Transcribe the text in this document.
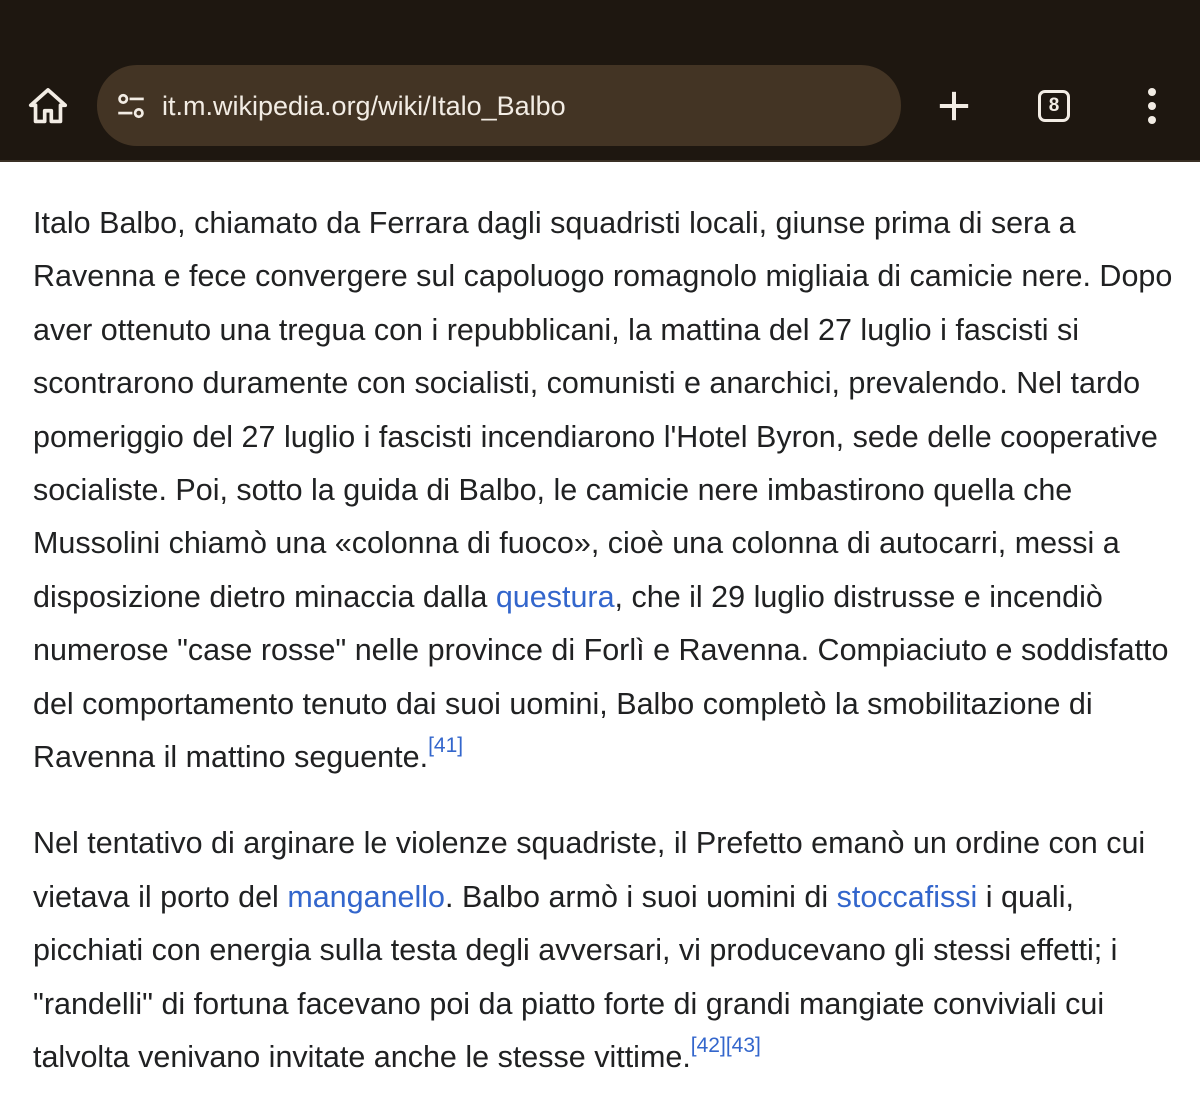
it.m.wikipedia.org/wiki/Italo_Balbo	8

Italo Balbo, chiamato da Ferrara dagli squadristi locali, giunse prima di sera a Ravenna e fece convergere sul capoluogo romagnolo migliaia di camicie nere. Dopo aver ottenuto una tregua con i repubblicani, la mattina del 27 luglio i fascisti si scontrarono duramente con socialisti, comunisti e anarchici, prevalendo. Nel tardo pomeriggio del 27 luglio i fascisti incendiarono l'Hotel Byron, sede delle cooperative socialiste. Poi, sotto la guida di Balbo, le camicie nere imbastirono quella che Mussolini chiamò una «colonna di fuoco», cioè una colonna di autocarri, messi a disposizione dietro minaccia dalla questura, che il 29 luglio distrusse e incendiò numerose "case rosse" nelle province di Forlì e Ravenna. Compiaciuto e soddisfatto del comportamento tenuto dai suoi uomini, Balbo completò la smobilitazione di Ravenna il mattino seguente.[41]

Nel tentativo di arginare le violenze squadriste, il Prefetto emanò un ordine con cui vietava il porto del manganello. Balbo armò i suoi uomini di stoccafissi i quali, picchiati con energia sulla testa degli avversari, vi producevano gli stessi effetti; i "randelli" di fortuna facevano poi da piatto forte di grandi mangiate conviviali cui talvolta venivano invitate anche le stesse vittime.[42][43]
